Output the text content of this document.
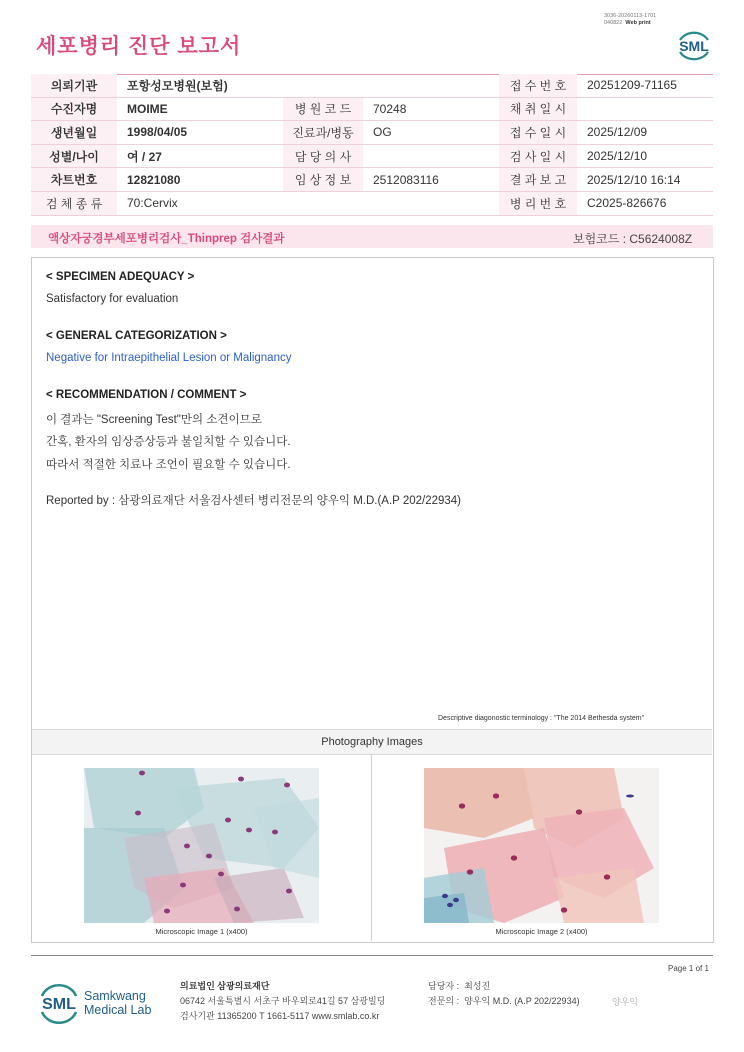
세포병리 진단 보고서
3036-20260113-1701
040822 Web print
SML
의뢰기관	포항성모병원(보험)			접 수 번 호	20251209-71165
수진자명	MOIME	병 원 코 드	70248	채 취 일 시	
생년월일	1998/04/05	진료과/병동	OG	접 수 일 시	2025/12/09
성별/나이	여 / 27	담 당 의 사		검 사 일 시	2025/12/10
차트번호	12821080	임 상 정 보	2512083116	결 과 보 고	2025/12/10 16:14
검 체 종 류	70:Cervix			병 리 번 호	C2025-826676
액상자궁경부세포병리검사_Thinprep 검사결과	보험코드 : C5624008Z
< SPECIMEN ADEQUACY >
Satisfactory for evaluation
< GENERAL CATEGORIZATION >
Negative for Intraepithelial Lesion or Malignancy
< RECOMMENDATION / COMMENT >
이 결과는 "Screening Test"만의 소견이므로
간혹, 환자의 임상증상등과 불일치할 수 있습니다.
따라서 적절한 치료나 조언이 필요할 수 있습니다.
Reported by : 삼광의료재단 서울검사센터 병리전문의 양우익 M.D.(A.P 202/22934)
Descriptive diagonostic terminology : "The 2014 Bethesda system"
Photography Images
Microscopic Image 1 (x400)	Microscopic Image 2 (x400)
Page 1 of 1
SML Samkwang
Medical Lab
의료법인 삼광의료재단
06742 서울특별시 서초구 바우뫼로41길 57 삼광빌딩
검사기관 11365200 T 1661-5117 www.smlab.co.kr
담당자 : 최성진
전문의 : 양우익 M.D. (A.P 202/22934)	양우익
